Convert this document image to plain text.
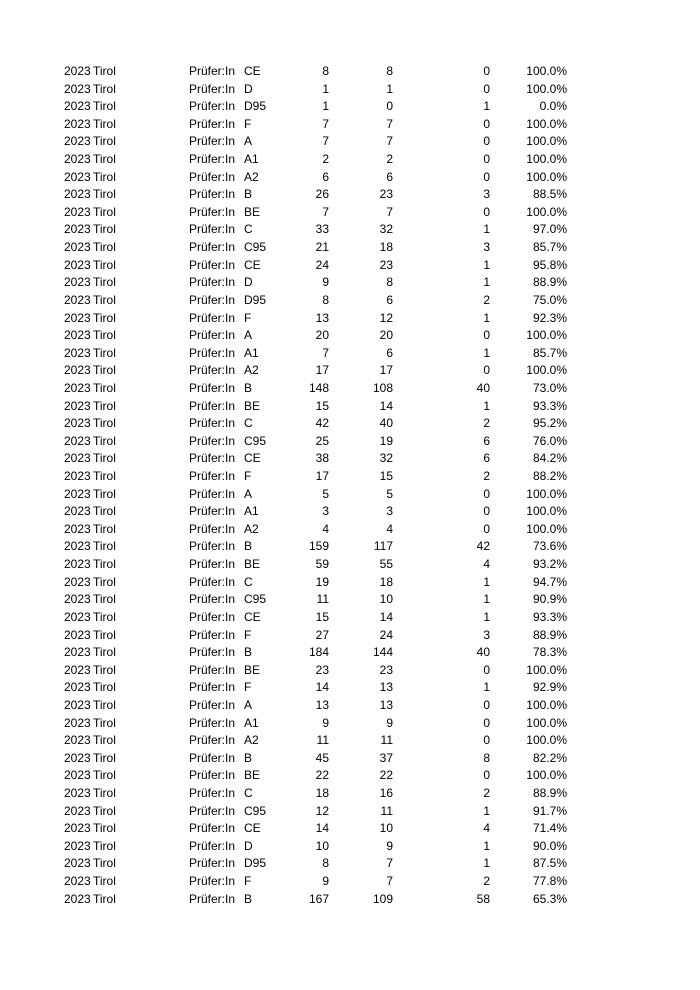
2023 Tirol	Prüfer:In CE	8	8	0	100.0%
2023 Tirol	Prüfer:In D	1	1	0	100.0%
2023 Tirol	Prüfer:In D95	1	0	1	0.0%
2023 Tirol	Prüfer:In F	7	7	0	100.0%
2023 Tirol	Prüfer:In A	7	7	0	100.0%
2023 Tirol	Prüfer:In A1	2	2	0	100.0%
2023 Tirol	Prüfer:In A2	6	6	0	100.0%
2023 Tirol	Prüfer:In B	26	23	3	88.5%
2023 Tirol	Prüfer:In BE	7	7	0	100.0%
2023 Tirol	Prüfer:In C	33	32	1	97.0%
2023 Tirol	Prüfer:In C95	21	18	3	85.7%
2023 Tirol	Prüfer:In CE	24	23	1	95.8%
2023 Tirol	Prüfer:In D	9	8	1	88.9%
2023 Tirol	Prüfer:In D95	8	6	2	75.0%
2023 Tirol	Prüfer:In F	13	12	1	92.3%
2023 Tirol	Prüfer:In A	20	20	0	100.0%
2023 Tirol	Prüfer:In A1	7	6	1	85.7%
2023 Tirol	Prüfer:In A2	17	17	0	100.0%
2023 Tirol	Prüfer:In B	148	108	40	73.0%
2023 Tirol	Prüfer:In BE	15	14	1	93.3%
2023 Tirol	Prüfer:In C	42	40	2	95.2%
2023 Tirol	Prüfer:In C95	25	19	6	76.0%
2023 Tirol	Prüfer:In CE	38	32	6	84.2%
2023 Tirol	Prüfer:In F	17	15	2	88.2%
2023 Tirol	Prüfer:In A	5	5	0	100.0%
2023 Tirol	Prüfer:In A1	3	3	0	100.0%
2023 Tirol	Prüfer:In A2	4	4	0	100.0%
2023 Tirol	Prüfer:In B	159	117	42	73.6%
2023 Tirol	Prüfer:In BE	59	55	4	93.2%
2023 Tirol	Prüfer:In C	19	18	1	94.7%
2023 Tirol	Prüfer:In C95	11	10	1	90.9%
2023 Tirol	Prüfer:In CE	15	14	1	93.3%
2023 Tirol	Prüfer:In F	27	24	3	88.9%
2023 Tirol	Prüfer:In B	184	144	40	78.3%
2023 Tirol	Prüfer:In BE	23	23	0	100.0%
2023 Tirol	Prüfer:In F	14	13	1	92.9%
2023 Tirol	Prüfer:In A	13	13	0	100.0%
2023 Tirol	Prüfer:In A1	9	9	0	100.0%
2023 Tirol	Prüfer:In A2	11	11	0	100.0%
2023 Tirol	Prüfer:In B	45	37	8	82.2%
2023 Tirol	Prüfer:In BE	22	22	0	100.0%
2023 Tirol	Prüfer:In C	18	16	2	88.9%
2023 Tirol	Prüfer:In C95	12	11	1	91.7%
2023 Tirol	Prüfer:In CE	14	10	4	71.4%
2023 Tirol	Prüfer:In D	10	9	1	90.0%
2023 Tirol	Prüfer:In D95	8	7	1	87.5%
2023 Tirol	Prüfer:In F	9	7	2	77.8%
2023 Tirol	Prüfer:In B	167	109	58	65.3%
